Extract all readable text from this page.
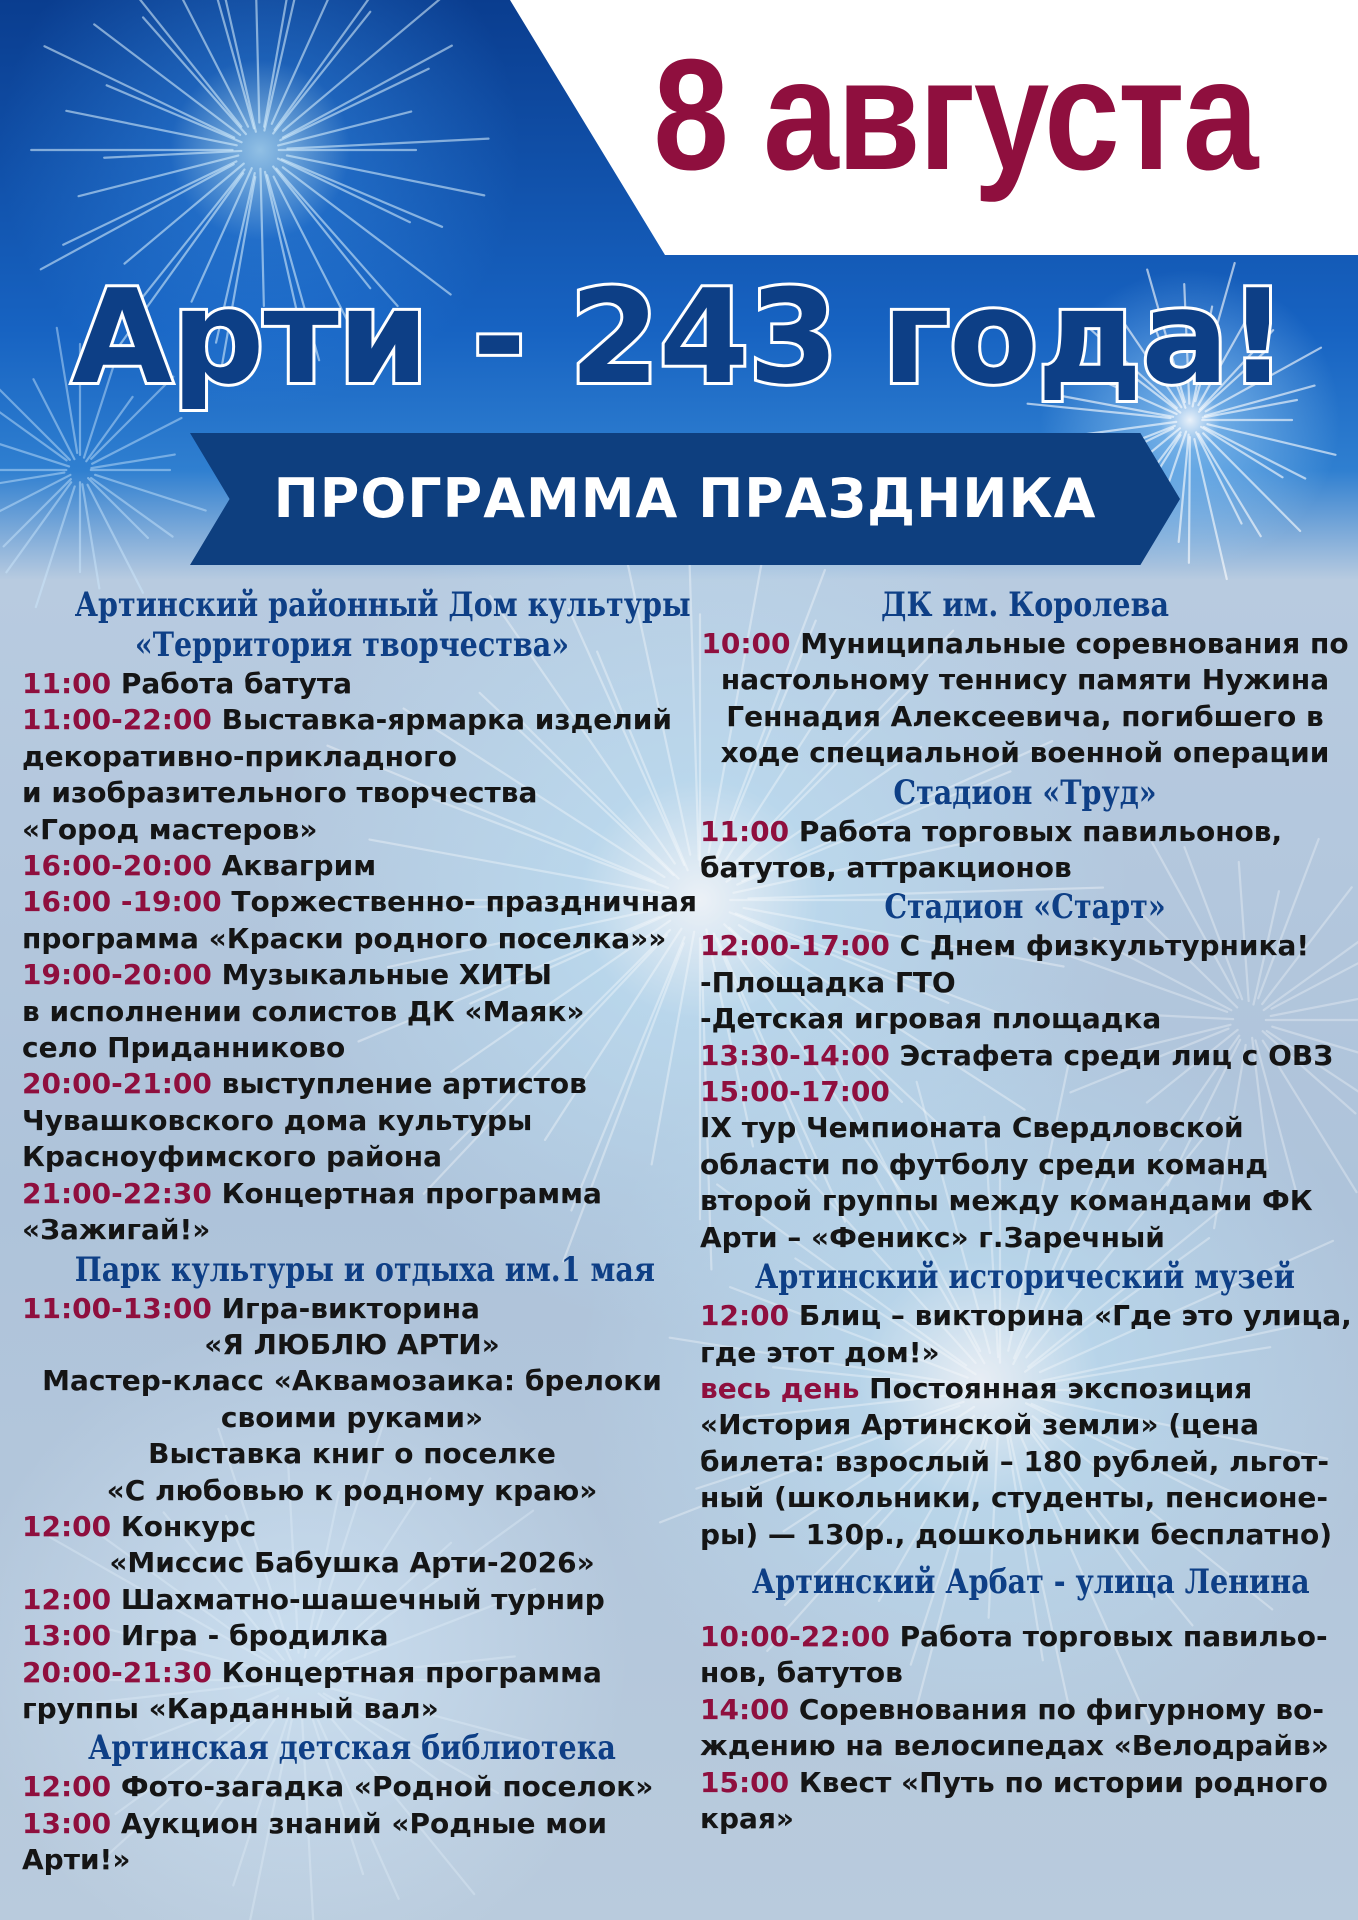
8 августа
Арти - 243 года!
ПРОГРАММА ПРАЗДНИКА
Артинский районный Дом культуры
«Территория творчества»
11:00 Работа батута
11:00-22:00 Выставка-ярмарка изделий
декоративно-прикладного
и изобразительного творчества
«Город мастеров»
16:00-20:00 Аквагрим
16:00 -19:00 Торжественно- праздничная
программа «Краски родного поселка»»
19:00-20:00 Музыкальные ХИТЫ
в исполнении солистов ДК «Маяк»
село Приданниково
20:00-21:00 выступление артистов
Чувашковского дома культуры
Красноуфимского района
21:00-22:30 Концертная программа
«Зажигай!»
Парк культуры и отдыха им.1 мая
11:00-13:00 Игра-викторина
«Я ЛЮБЛЮ АРТИ»
Мастер-класс «Аквамозаика: брелоки
своими руками»
Выставка книг о поселке
«С любовью к родному краю»
12:00 Конкурс
«Миссис Бабушка Арти-2026»
12:00 Шахматно-шашечный турнир
13:00 Игра - бродилка
20:00-21:30 Концертная программа
группы «Карданный вал»
Артинская детская библиотека
12:00 Фото-загадка «Родной поселок»
13:00 Аукцион знаний «Родные мои
Арти!»
ДК им. Королева
10:00 Муниципальные соревнования по
настольному теннису памяти Нужина
Геннадия Алексеевича, погибшего в
ходе специальной военной операции
Стадион «Труд»
11:00 Работа торговых павильонов,
батутов, аттракционов
Стадион «Старт»
12:00-17:00 С Днем физкультурника!
-Площадка ГТО
-Детская игровая площадка
13:30-14:00 Эстафета среди лиц с ОВЗ
15:00-17:00
IX тур Чемпионата Свердловской
области по футболу среди команд
второй группы между командами ФК
Арти – «Феникс» г.Заречный
Артинский исторический музей
12:00 Блиц – викторина «Где это улица,
где этот дом!»
весь день Постоянная экспозиция
«История Артинской земли» (цена
билета: взрослый – 180 рублей, льгот-
ный (школьники, студенты, пенсионе-
ры) — 130р., дошкольники бесплатно)
Артинский Арбат - улица Ленина
10:00-22:00 Работа торговых павильо-
нов, батутов
14:00 Соревнования по фигурному во-
ждению на велосипедах «Велодрайв»
15:00 Квест «Путь по истории родного
края»
